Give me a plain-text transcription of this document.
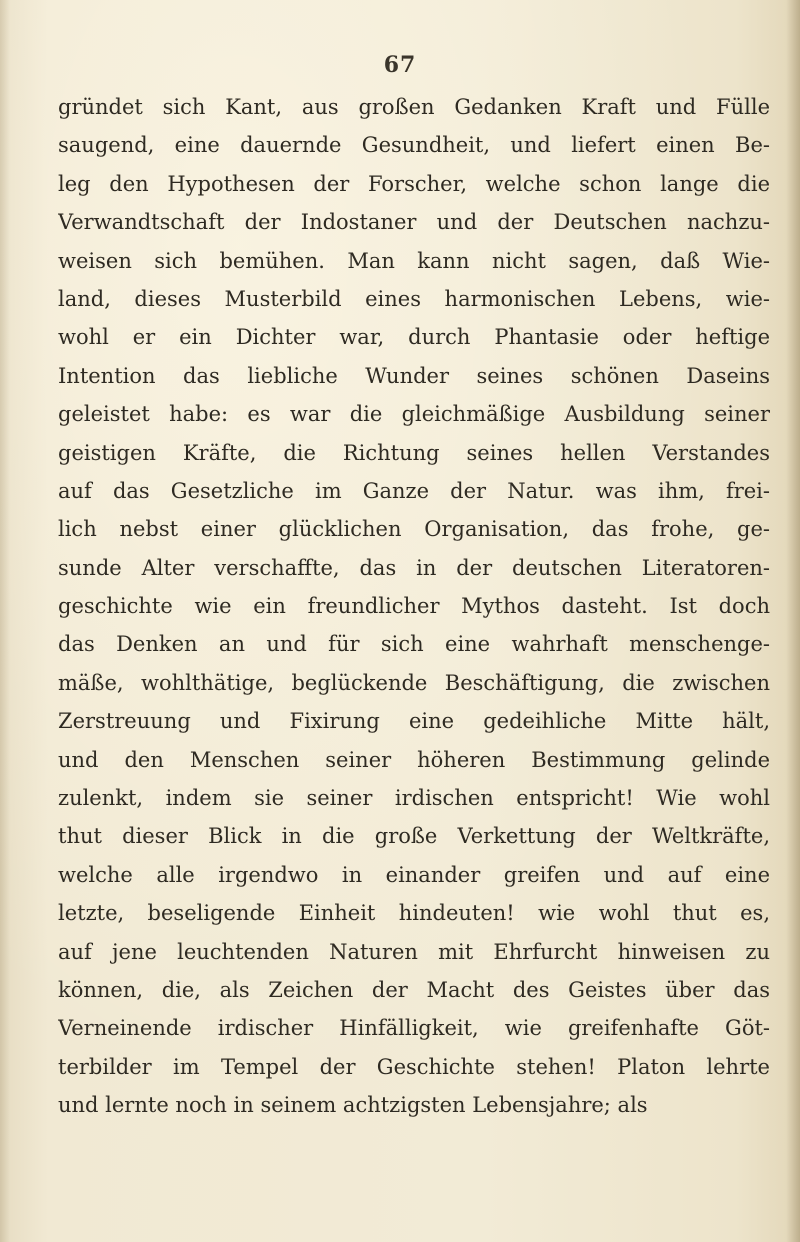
67
gründet sich Kant, aus großen Gedanken Kraft und Fülle
saugend, eine dauernde Gesundheit, und liefert einen Be-
leg den Hypothesen der Forscher, welche schon lange die
Verwandtschaft der Indostaner und der Deutschen nachzu-
weisen sich bemühen. Man kann nicht sagen, daß Wie-
land, dieses Musterbild eines harmonischen Lebens, wie-
wohl er ein Dichter war, durch Phantasie oder heftige
Intention das liebliche Wunder seines schönen Daseins
geleistet habe: es war die gleichmäßige Ausbildung seiner
geistigen Kräfte, die Richtung seines hellen Verstandes
auf das Gesetzliche im Ganze der Natur. was ihm, frei-
lich nebst einer glücklichen Organisation, das frohe, ge-
sunde Alter verschaffte, das in der deutschen Literatoren-
geschichte wie ein freundlicher Mythos dasteht. Ist doch
das Denken an und für sich eine wahrhaft menschenge-
mäße, wohlthätige, beglückende Beschäftigung, die zwischen
Zerstreuung und Fixirung eine gedeihliche Mitte hält,
und den Menschen seiner höheren Bestimmung gelinde
zulenkt, indem sie seiner irdischen entspricht! Wie wohl
thut dieser Blick in die große Verkettung der Weltkräfte,
welche alle irgendwo in einander greifen und auf eine
letzte, beseligende Einheit hindeuten! wie wohl thut es,
auf jene leuchtenden Naturen mit Ehrfurcht hinweisen zu
können, die, als Zeichen der Macht des Geistes über das
Verneinende irdischer Hinfälligkeit, wie greifenhafte Göt-
terbilder im Tempel der Geschichte stehen! Platon lehrte
und lernte noch in seinem achtzigsten Lebensjahre; als
